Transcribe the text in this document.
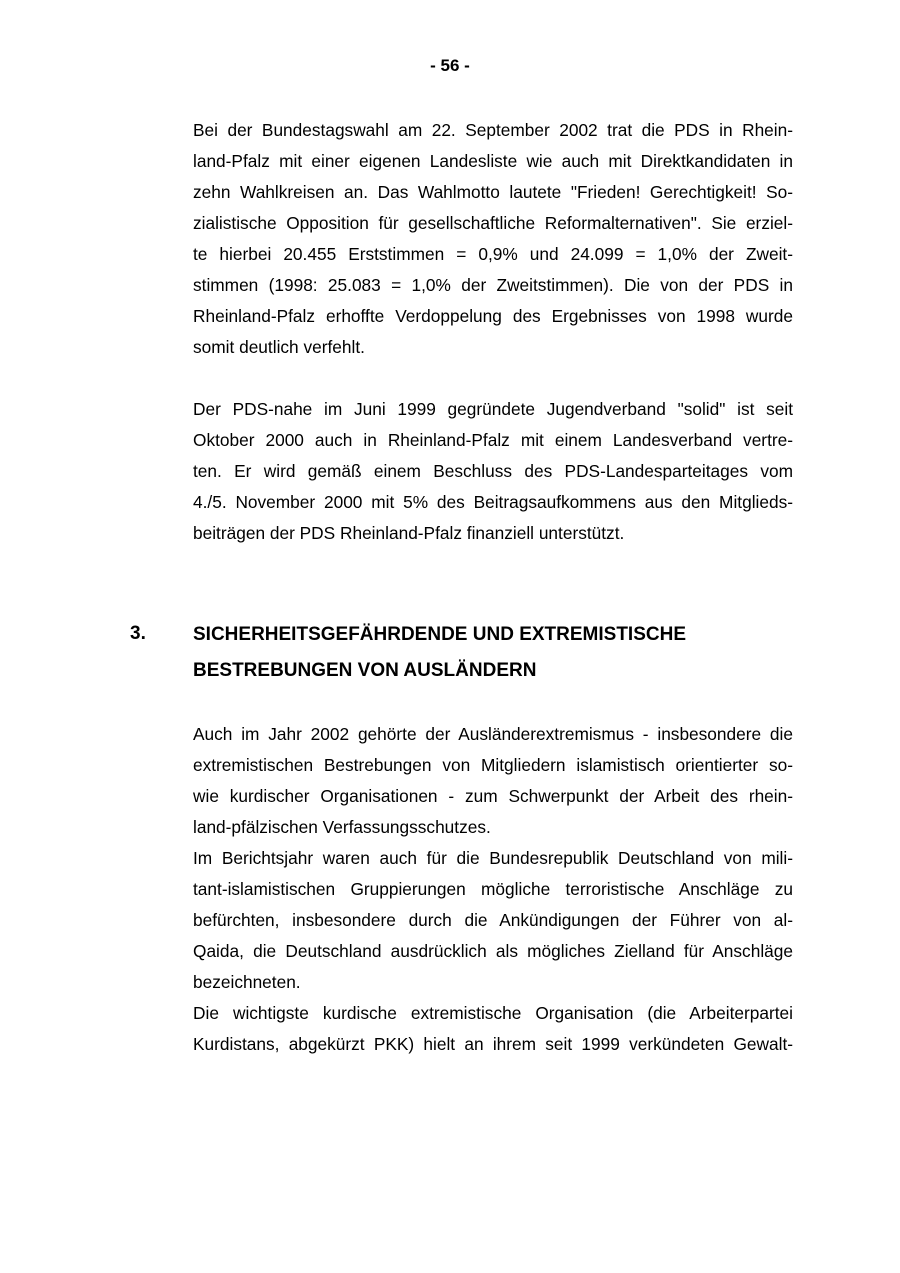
- 56 -

Bei der Bundestagswahl am 22. September 2002 trat die PDS in Rhein-
land-Pfalz mit einer eigenen Landesliste wie auch mit Direktkandidaten in
zehn Wahlkreisen an. Das Wahlmotto lautete "Frieden! Gerechtigkeit! So-
zialistische Opposition für gesellschaftliche Reformalternativen". Sie erziel-
te hierbei 20.455 Erststimmen = 0,9% und 24.099 = 1,0% der Zweit-
stimmen (1998: 25.083 = 1,0% der Zweitstimmen). Die von der PDS in
Rheinland-Pfalz erhoffte Verdoppelung des Ergebnisses von 1998 wurde
somit deutlich verfehlt.

Der PDS-nahe im Juni 1999 gegründete Jugendverband "solid" ist seit
Oktober 2000 auch in Rheinland-Pfalz mit einem Landesverband vertre-
ten. Er wird gemäß einem Beschluss des PDS-Landesparteitages vom
4./5. November 2000 mit 5% des Beitragsaufkommens aus den Mitglieds-
beiträgen der PDS Rheinland-Pfalz finanziell unterstützt.

3. SICHERHEITSGEFÄHRDENDE UND EXTREMISTISCHE
BESTREBUNGEN VON AUSLÄNDERN

Auch im Jahr 2002 gehörte der Ausländerextremismus - insbesondere die
extremistischen Bestrebungen von Mitgliedern islamistisch orientierter so-
wie kurdischer Organisationen - zum Schwerpunkt der Arbeit des rhein-
land-pfälzischen Verfassungsschutzes.
Im Berichtsjahr waren auch für die Bundesrepublik Deutschland von mili-
tant-islamistischen Gruppierungen mögliche terroristische Anschläge zu
befürchten, insbesondere durch die Ankündigungen der Führer von al-
Qaida, die Deutschland ausdrücklich als mögliches Zielland für Anschläge
bezeichneten.
Die wichtigste kurdische extremistische Organisation (die Arbeiterpartei
Kurdistans, abgekürzt PKK) hielt an ihrem seit 1999 verkündeten Gewalt-
